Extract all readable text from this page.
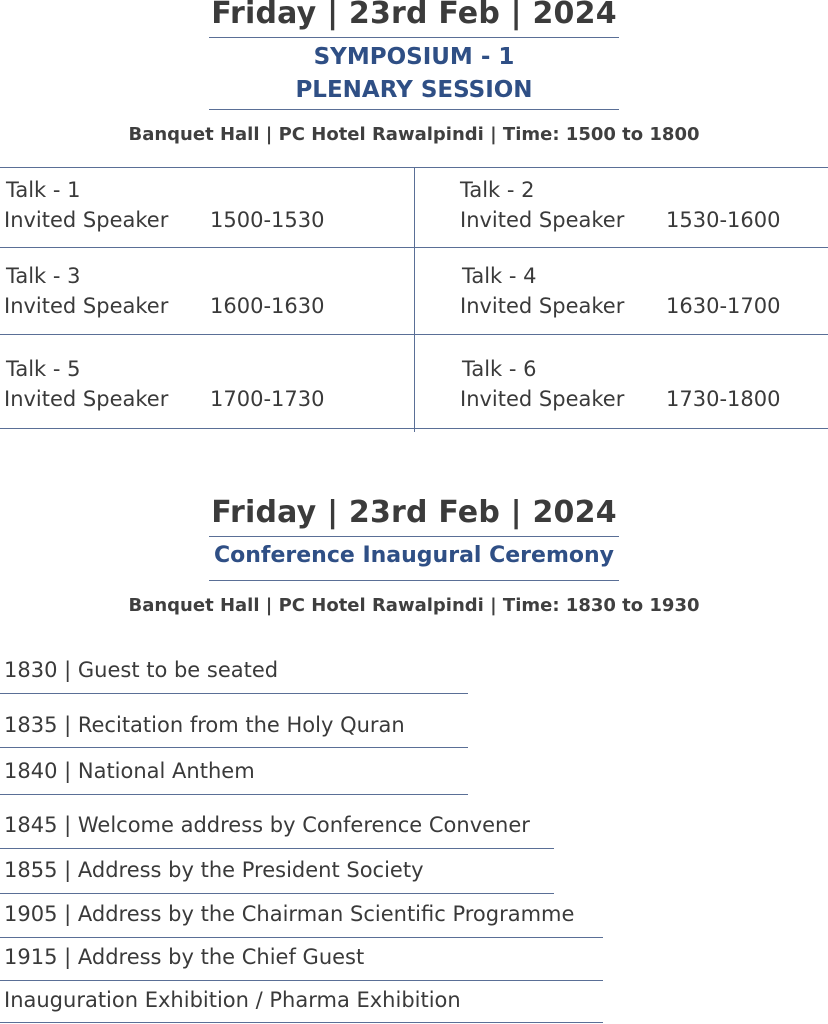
Friday | 23rd Feb | 2024
SYMPOSIUM - 1
PLENARY SESSION
Banquet Hall | PC Hotel Rawalpindi | Time: 1500 to 1800
Talk - 1
Invited Speaker 1500-1530
Talk - 2
Invited Speaker 1530-1600
Talk - 3
Invited Speaker 1600-1630
Talk - 4
Invited Speaker 1630-1700
Talk - 5
Invited Speaker 1700-1730
Talk - 6
Invited Speaker 1730-1800
Friday | 23rd Feb | 2024
Conference Inaugural Ceremony
Banquet Hall | PC Hotel Rawalpindi | Time: 1830 to 1930
1830 | Guest to be seated
1835 | Recitation from the Holy Quran
1840 | National Anthem
1845 | Welcome address by Conference Convener
1855 | Address by the President Society
1905 | Address by the Chairman Scientific Programme
1915 | Address by the Chief Guest
Inauguration Exhibition / Pharma Exhibition
